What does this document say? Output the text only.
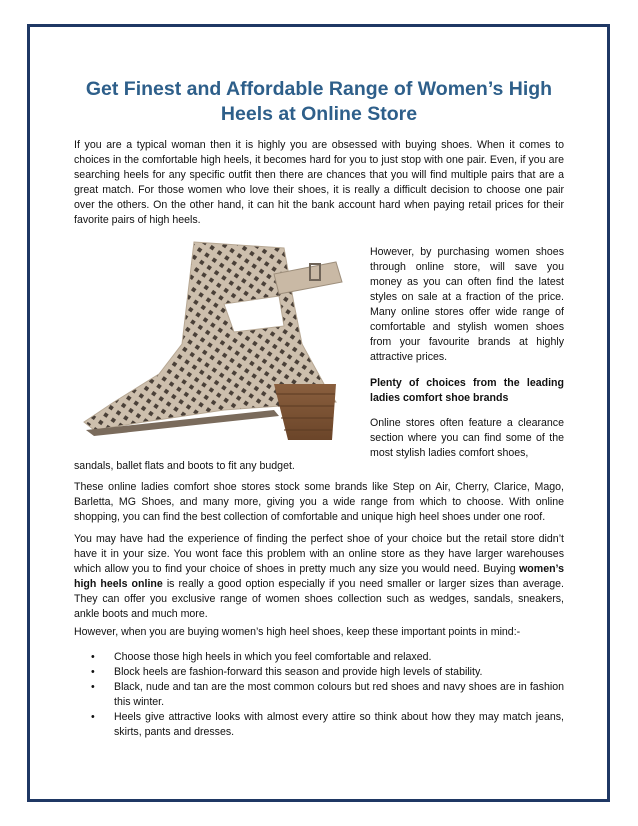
Get Finest and Affordable Range of Women’s High Heels at Online Store

If you are a typical woman then it is highly you are obsessed with buying shoes. When it comes to choices in the comfortable high heels, it becomes hard for you to just stop with one pair. Even, if you are searching heels for any specific outfit then there are chances that you will find multiple pairs that are a great match. For those women who love their shoes, it is really a difficult decision to choose one pair over the others. On the other hand, it can hit the bank account hard when paying retail prices for their favorite pairs of high heels.

However, by purchasing women shoes through online store, will save you money as you can often find the latest styles on sale at a fraction of the price. Many online stores offer wide range of comfortable and stylish women shoes from your favourite brands at highly attractive prices.
Plenty of choices from the leading ladies comfort shoe brands
Online stores often feature a clearance section where you can find some of the most stylish ladies comfort shoes,

sandals, ballet flats and boots to fit any budget.

These online ladies comfort shoe stores stock some brands like Step on Air, Cherry, Clarice, Mago, Barletta, MG Shoes, and many more, giving you a wide range from which to choose. With online shopping, you can find the best collection of comfortable and unique high heel shoes under one roof.

You may have had the experience of finding the perfect shoe of your choice but the retail store didn’t have it in your size. You wont face this problem with an online store as they have larger warehouses which allow you to find your choice of shoes in pretty much any size you would need. Buying women’s high heels online is really a good option especially if you need smaller or larger sizes than average. They can offer you exclusive range of women shoes collection such as wedges, sandals, sneakers, ankle boots and much more.

However, when you are buying women’s high heel shoes, keep these important points in mind:-

• Choose those high heels in which you feel comfortable and relaxed.
• Block heels are fashion-forward this season and provide high levels of stability.
• Black, nude and tan are the most common colours but red shoes and navy shoes are in fashion this winter.
• Heels give attractive looks with almost every attire so think about how they may match jeans, skirts, pants and dresses.
